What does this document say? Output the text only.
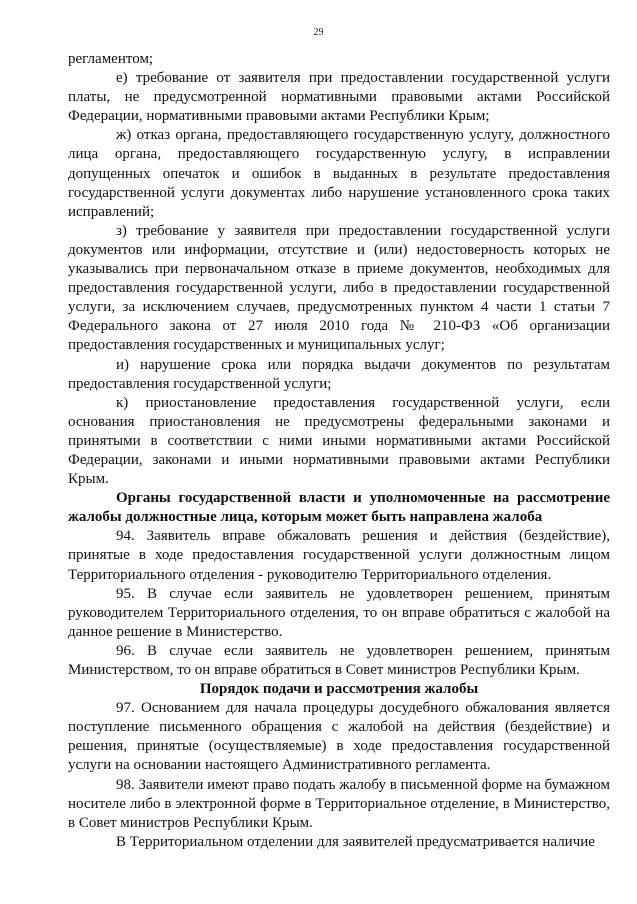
29

регламентом;

е) требование от заявителя при предоставлении государственной услуги платы, не предусмотренной нормативными правовыми актами Российской Федерации, нормативными правовыми актами Республики Крым;

ж) отказ органа, предоставляющего государственную услугу, должностного лица органа, предоставляющего государственную услугу, в исправлении допущенных опечаток и ошибок в выданных в результате предоставления государственной услуги документах либо нарушение установленного срока таких исправлений;

з) требование у заявителя при предоставлении государственной услуги документов или информации, отсутствие и (или) недостоверность которых не указывались при первоначальном отказе в приеме документов, необходимых для предоставления государственной услуги, либо в предоставлении государственной услуги, за исключением случаев, предусмотренных пунктом 4 части 1 статьи 7 Федерального закона от 27 июля 2010 года № 210-ФЗ «Об организации предоставления государственных и муниципальных услуг;

и) нарушение срока или порядка выдачи документов по результатам предоставления государственной услуги;

к) приостановление предоставления государственной услуги, если основания приостановления не предусмотрены федеральными законами и принятыми в соответствии с ними иными нормативными актами Российской Федерации, законами и иными нормативными правовыми актами Республики Крым.

Органы государственной власти и уполномоченные на рассмотрение жалобы должностные лица, которым может быть направлена жалоба

94. Заявитель вправе обжаловать решения и действия (бездействие), принятые в ходе предоставления государственной услуги должностным лицом Территориального отделения - руководителю Территориального отделения.

95. В случае если заявитель не удовлетворен решением, принятым руководителем Территориального отделения, то он вправе обратиться с жалобой на данное решение в Министерство.

96. В случае если заявитель не удовлетворен решением, принятым Министерством, то он вправе обратиться в Совет министров Республики Крым.

Порядок подачи и рассмотрения жалобы

97. Основанием для начала процедуры досудебного обжалования является поступление письменного обращения с жалобой на действия (бездействие) и решения, принятые (осуществляемые) в ходе предоставления государственной услуги на основании настоящего Административного регламента.

98. Заявители имеют право подать жалобу в письменной форме на бумажном носителе либо в электронной форме в Территориальное отделение, в Министерство, в Совет министров Республики Крым.

В Территориальном отделении для заявителей предусматривается наличие
